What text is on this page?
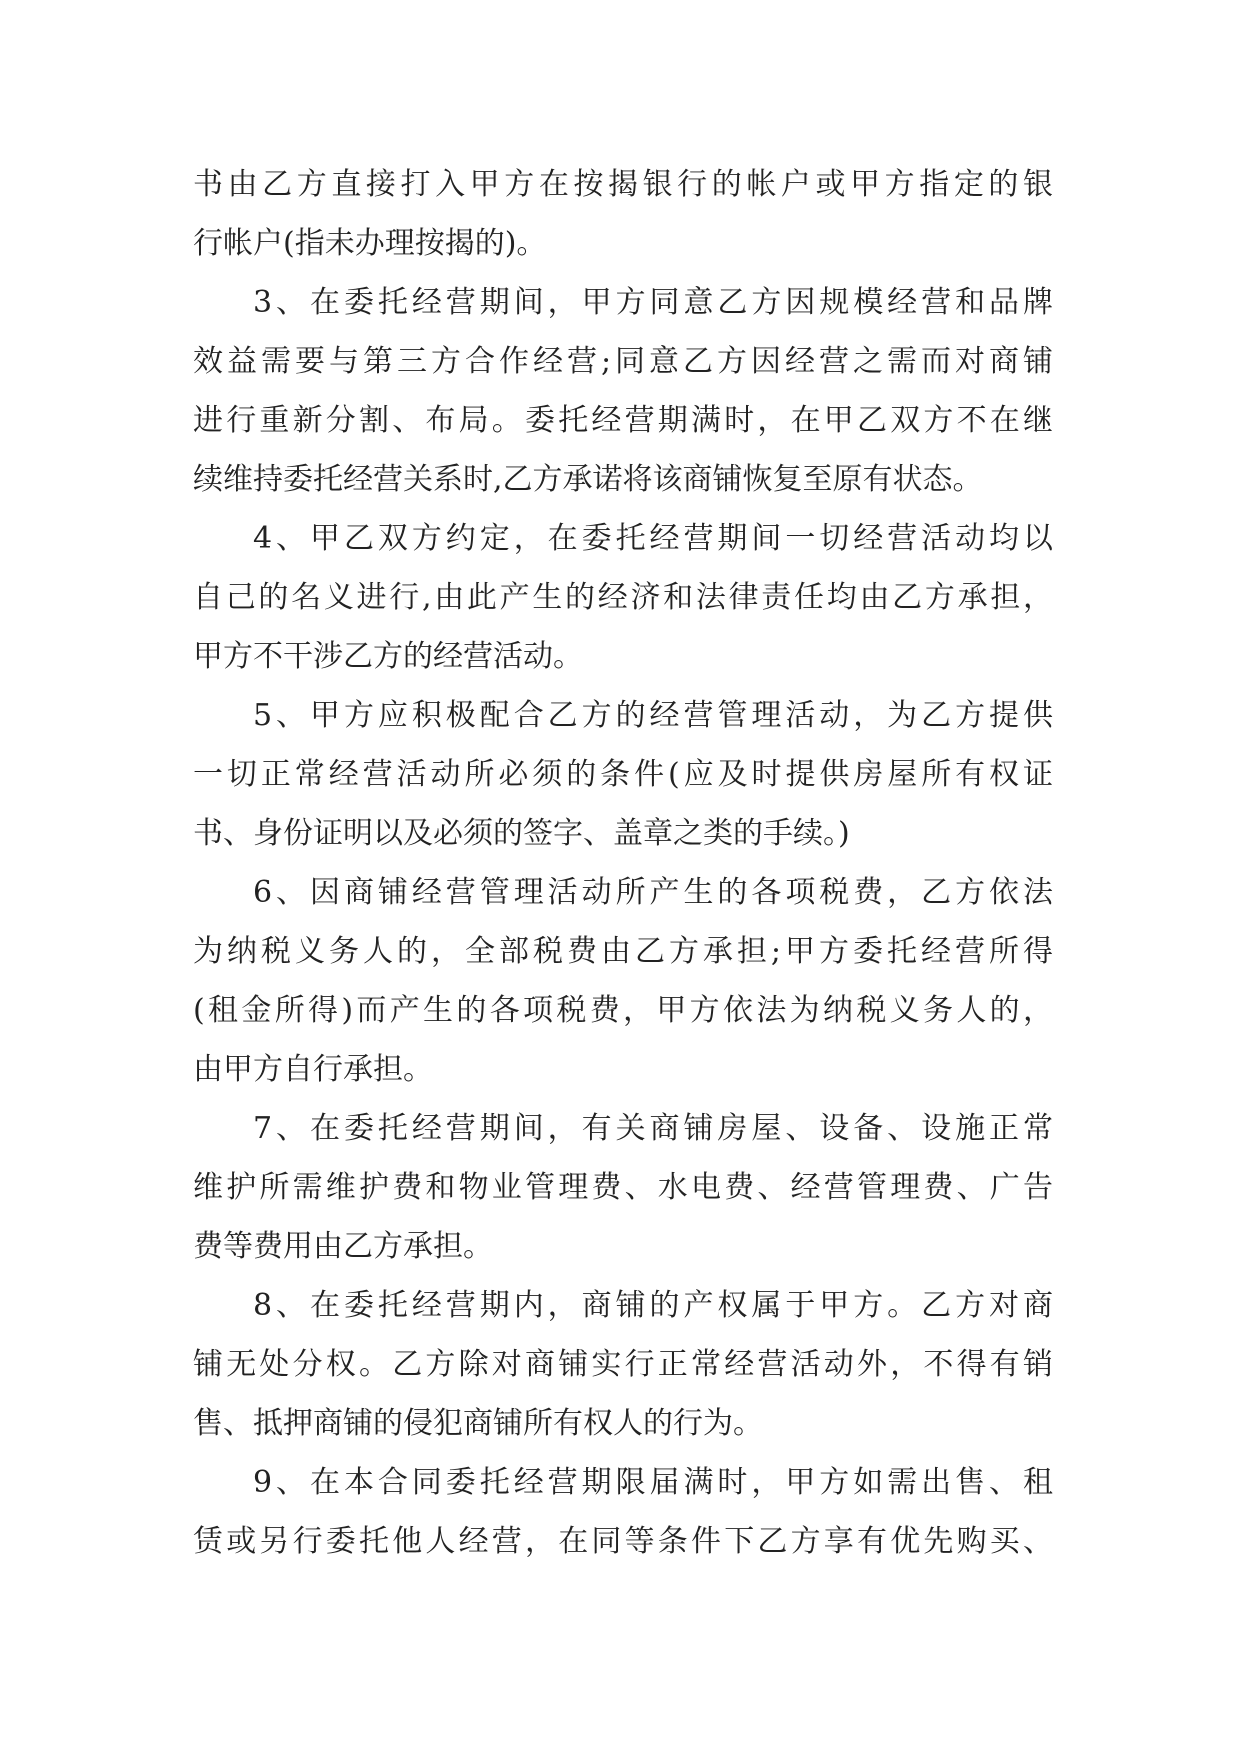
书由乙方直接打入甲方在按揭银行的帐户或甲方指定的银
行帐户(指未办理按揭的)。
3、在委托经营期间，甲方同意乙方因规模经营和品牌
效益需要与第三方合作经营;同意乙方因经营之需而对商铺
进行重新分割、布局。委托经营期满时，在甲乙双方不在继
续维持委托经营关系时,乙方承诺将该商铺恢复至原有状态。
4、甲乙双方约定，在委托经营期间一切经营活动均以
自己的名义进行,由此产生的经济和法律责任均由乙方承担，
甲方不干涉乙方的经营活动。
5、甲方应积极配合乙方的经营管理活动，为乙方提供
一切正常经营活动所必须的条件(应及时提供房屋所有权证
书、身份证明以及必须的签字、盖章之类的手续。)
6、因商铺经营管理活动所产生的各项税费，乙方依法
为纳税义务人的，全部税费由乙方承担;甲方委托经营所得
(租金所得)而产生的各项税费，甲方依法为纳税义务人的，
由甲方自行承担。
7、在委托经营期间，有关商铺房屋、设备、设施正常
维护所需维护费和物业管理费、水电费、经营管理费、广告
费等费用由乙方承担。
8、在委托经营期内，商铺的产权属于甲方。乙方对商
铺无处分权。乙方除对商铺实行正常经营活动外，不得有销
售、抵押商铺的侵犯商铺所有权人的行为。
9、在本合同委托经营期限届满时，甲方如需出售、租
赁或另行委托他人经营，在同等条件下乙方享有优先购买、
